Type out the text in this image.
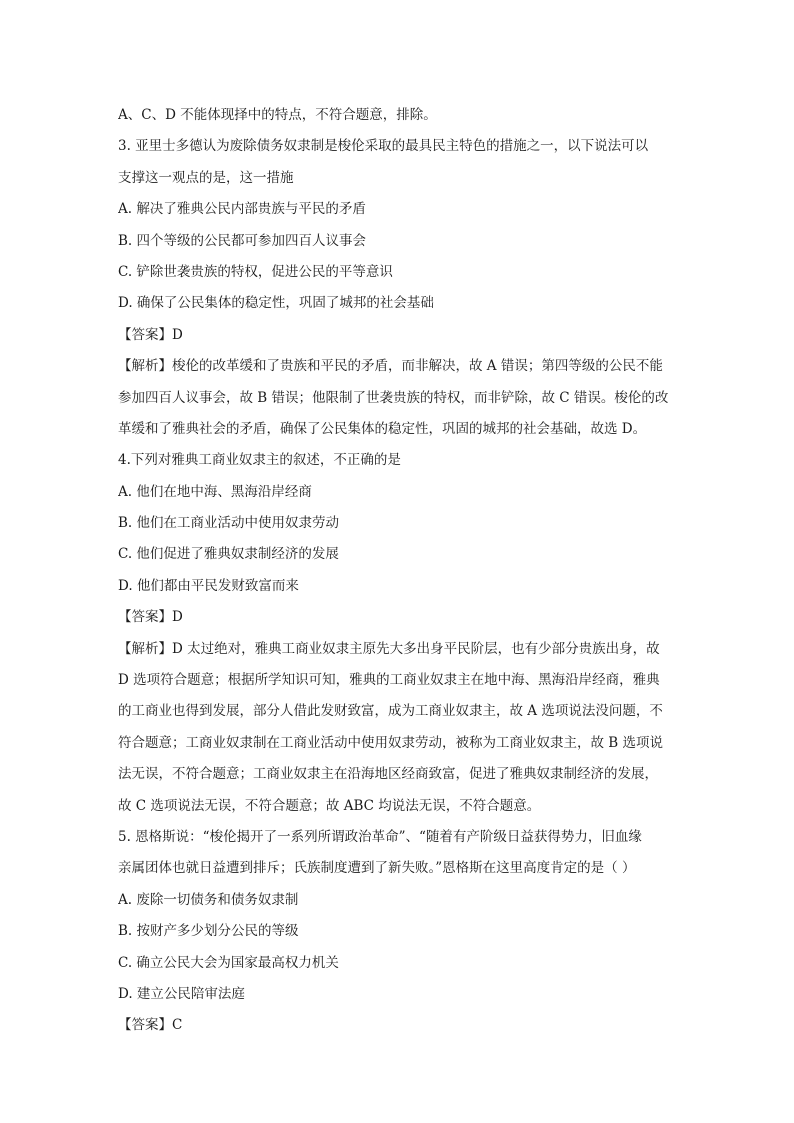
A、C、D 不能体现择中的特点，不符合题意，排除。
3. 亚里士多德认为废除债务奴隶制是梭伦采取的最具民主特色的措施之一，以下说法可以
支撑这一观点的是，这一措施
A. 解决了雅典公民内部贵族与平民的矛盾
B. 四个等级的公民都可参加四百人议事会
C. 铲除世袭贵族的特权，促进公民的平等意识
D. 确保了公民集体的稳定性，巩固了城邦的社会基础
【答案】D
【解析】梭伦的改革缓和了贵族和平民的矛盾，而非解决，故 A 错误；第四等级的公民不能
参加四百人议事会，故 B 错误；他限制了世袭贵族的特权，而非铲除，故 C 错误。梭伦的改
革缓和了雅典社会的矛盾，确保了公民集体的稳定性，巩固的城邦的社会基础，故选 D。
4.下列对雅典工商业奴隶主的叙述，不正确的是
A. 他们在地中海、黑海沿岸经商
B. 他们在工商业活动中使用奴隶劳动
C. 他们促进了雅典奴隶制经济的发展
D. 他们都由平民发财致富而来
【答案】D
【解析】D 太过绝对，雅典工商业奴隶主原先大多出身平民阶层，也有少部分贵族出身，故
D 选项符合题意；根据所学知识可知，雅典的工商业奴隶主在地中海、黑海沿岸经商，雅典
的工商业也得到发展，部分人借此发财致富，成为工商业奴隶主，故 A 选项说法没问题，不
符合题意；工商业奴隶制在工商业活动中使用奴隶劳动，被称为工商业奴隶主，故 B 选项说
法无误，不符合题意；工商业奴隶主在沿海地区经商致富，促进了雅典奴隶制经济的发展，
故 C 选项说法无误，不符合题意；故 ABC 均说法无误，不符合题意。
5. 恩格斯说：“梭伦揭开了一系列所谓政治革命”、“随着有产阶级日益获得势力，旧血缘
亲属团体也就日益遭到排斥；氏族制度遭到了新失败。”恩格斯在这里高度肯定的是（ ）
A. 废除一切债务和债务奴隶制
B. 按财产多少划分公民的等级
C. 确立公民大会为国家最高权力机关
D. 建立公民陪审法庭
【答案】C
